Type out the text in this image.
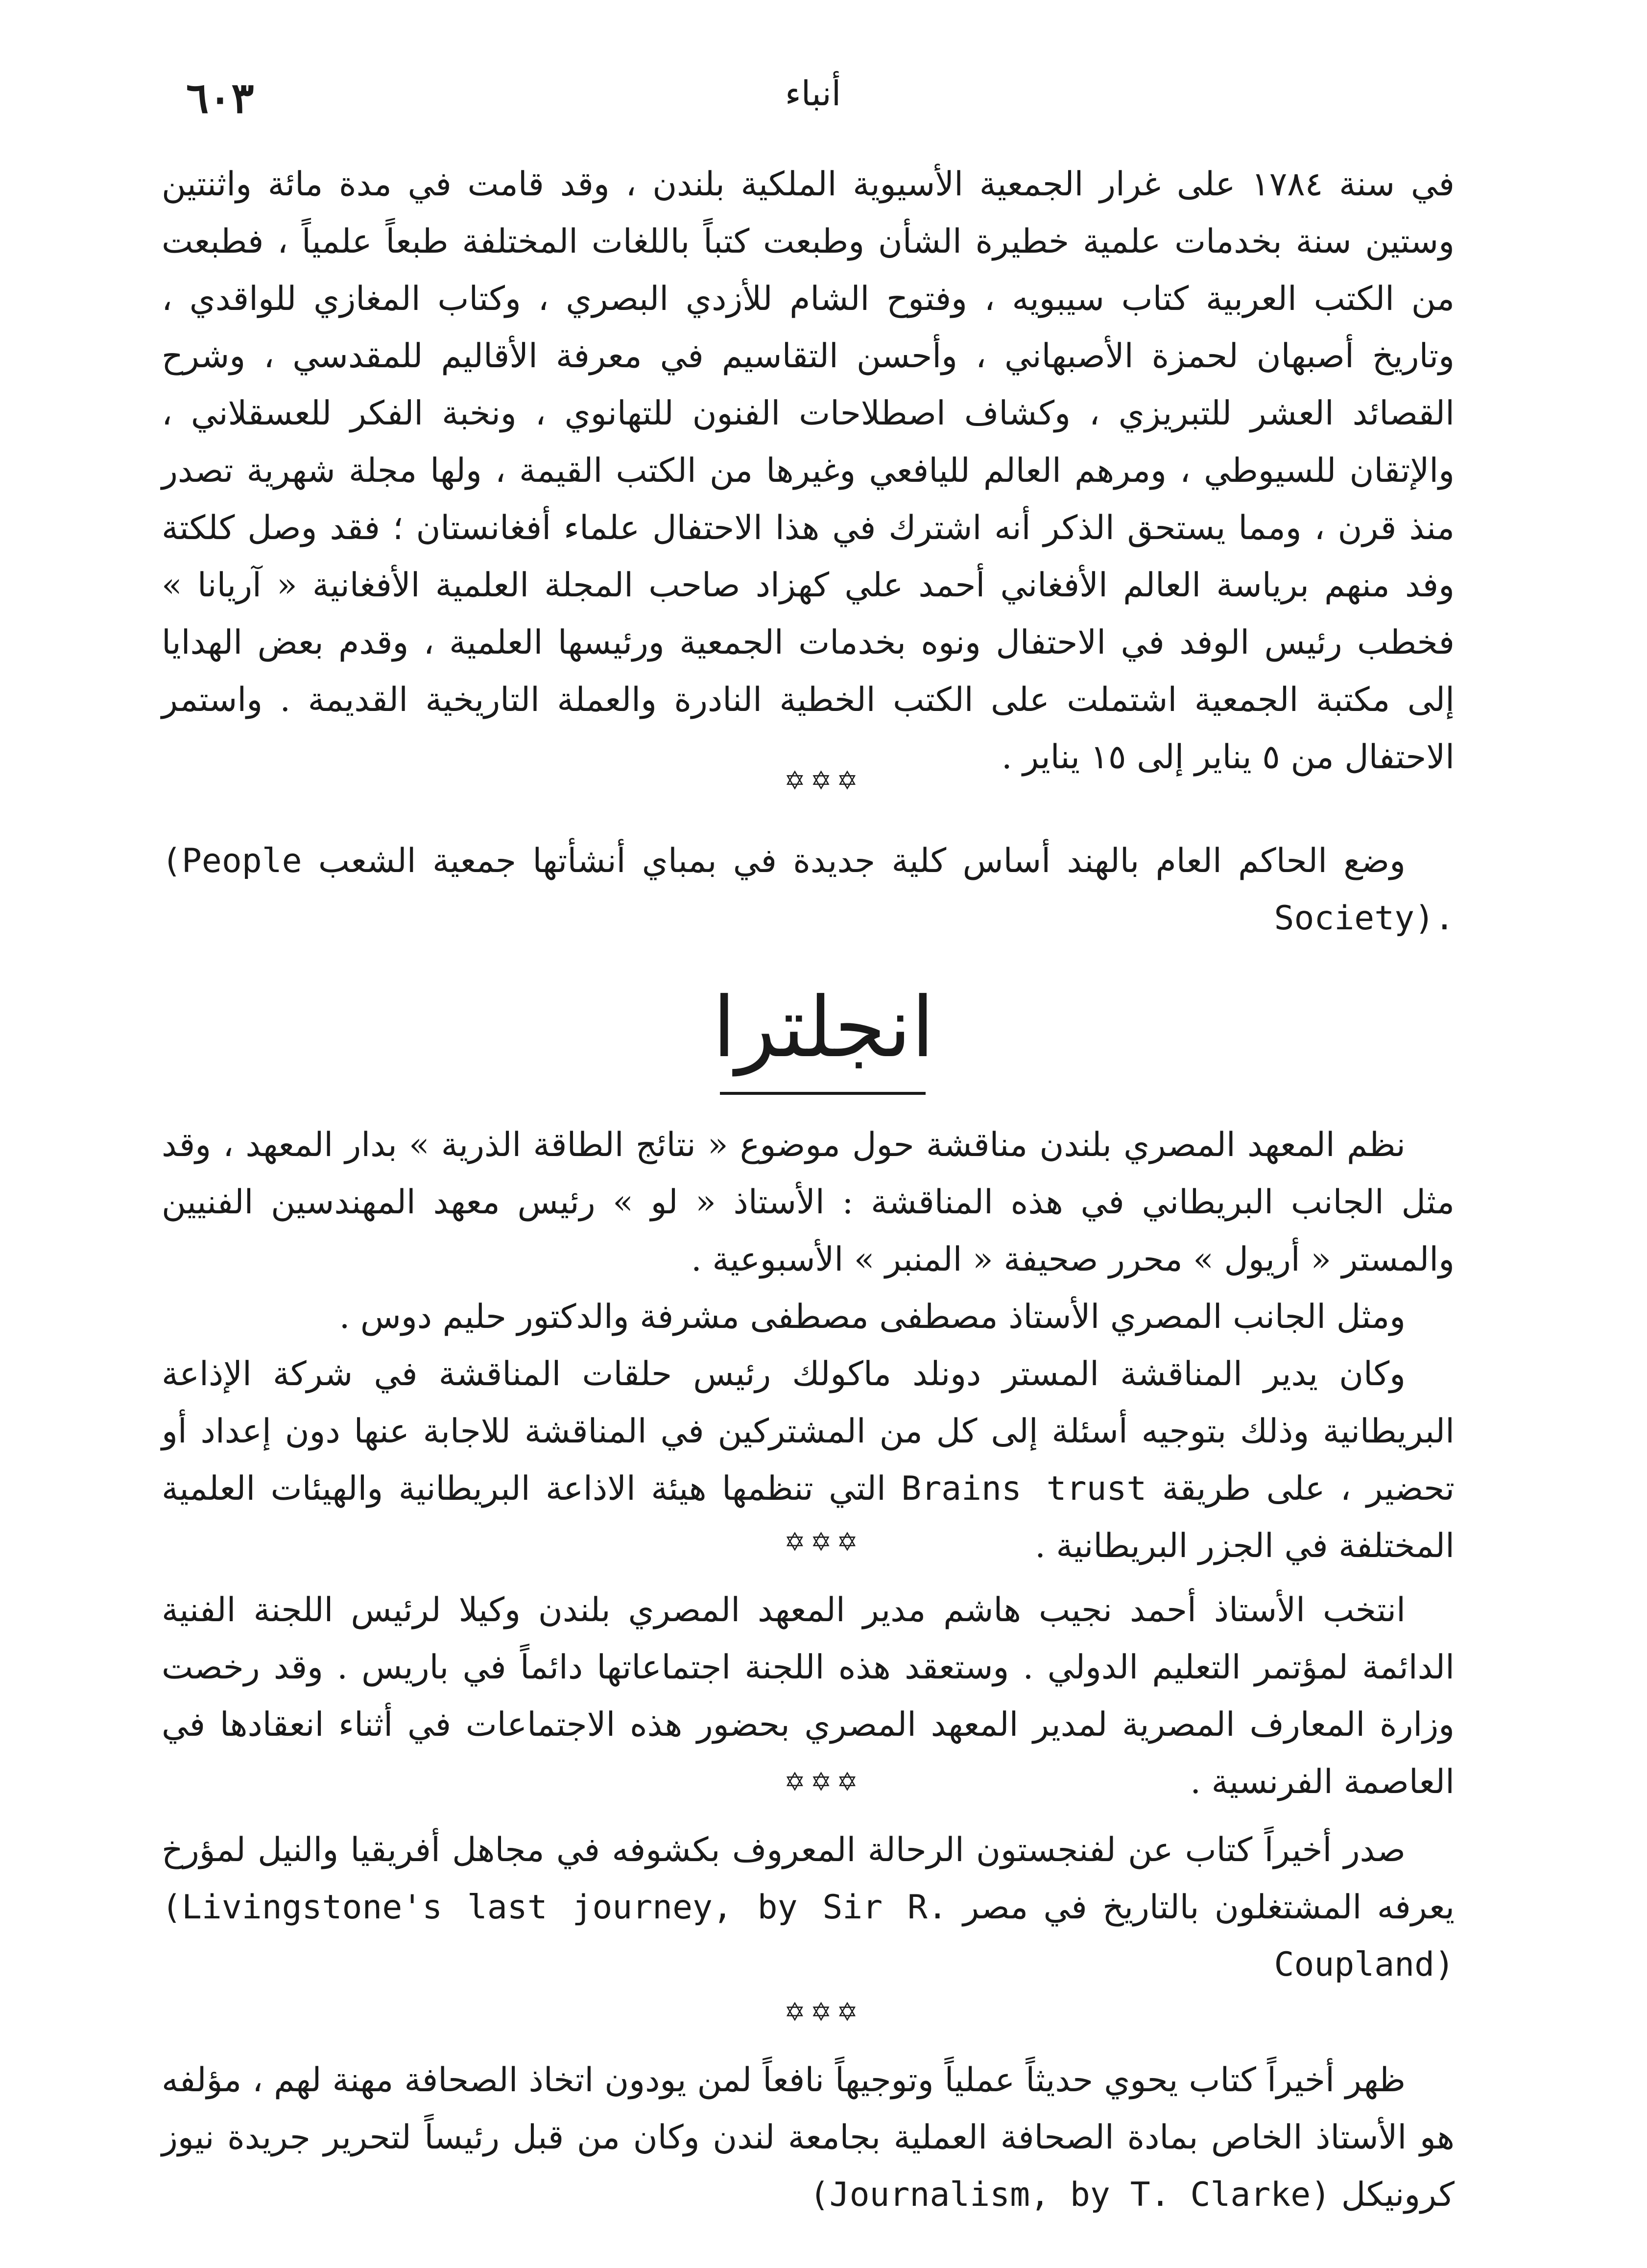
٦٠٣	أنباء

في سنة ١٧٨٤ على غرار الجمعية الأسيوية الملكية بلندن ، وقد قامت في مدة مائة واثنتين وستين سنة بخدمات علمية خطيرة الشأن وطبعت كتباً باللغات المختلفة طبعاً علمياً ، فطبعت من الكتب العربية كتاب سيبويه ، وفتوح الشام للأزدي البصري ، وكتاب المغازي للواقدي ، وتاريخ أصبهان لحمزة الأصبهاني ، وأحسن التقاسيم في معرفة الأقاليم للمقدسي ، وشرح القصائد العشر للتبريزي ، وكشاف اصطلاحات الفنون للتهانوي ، ونخبة الفكر للعسقلاني ، والإتقان للسيوطي ، ومرهم العالم لليافعي وغيرها من الكتب القيمة ، ولها مجلة شهرية تصدر منذ قرن ، ومما يستحق الذكر أنه اشترك في هذا الاحتفال علماء أفغانستان ؛ فقد وصل كلكتة وفد منهم برياسة العالم الأفغاني أحمد علي كهزاد صاحب المجلة العلمية الأفغانية « آريانا » فخطب رئيس الوفد في الاحتفال ونوه بخدمات الجمعية ورئيسها العلمية ، وقدم بعض الهدايا إلى مكتبة الجمعية اشتملت على الكتب الخطية النادرة والعملة التاريخية القديمة . واستمر الاحتفال من ٥ يناير إلى ١٥ يناير .

✡✡✡

وضع الحاكم العام بالهند أساس كلية جديدة في بمباي أنشأتها جمعية الشعب (People Society).

انجلترا

نظم المعهد المصري بلندن مناقشة حول موضوع « نتائج الطاقة الذرية » بدار المعهد ، وقد مثل الجانب البريطاني في هذه المناقشة : الأستاذ « لو » رئيس معهد المهندسين الفنيين والمستر « أريول » محرر صحيفة « المنبر » الأسبوعية .

ومثل الجانب المصري الأستاذ مصطفى مصطفى مشرفة والدكتور حليم دوس .

وكان يدير المناقشة المستر دونلد ماكولك رئيس حلقات المناقشة في شركة الإذاعة البريطانية وذلك بتوجيه أسئلة إلى كل من المشتركين في المناقشة للاجابة عنها دون إعداد أو تحضير ، على طريقة Brains trust التي تنظمها هيئة الاذاعة البريطانية والهيئات العلمية المختلفة في الجزر البريطانية .

✡✡✡

انتخب الأستاذ أحمد نجيب هاشم مدير المعهد المصري بلندن وكيلا لرئيس اللجنة الفنية الدائمة لمؤتمر التعليم الدولي . وستعقد هذه اللجنة اجتماعاتها دائماً في باريس . وقد رخصت وزارة المعارف المصرية لمدير المعهد المصري بحضور هذه الاجتماعات في أثناء انعقادها في العاصمة الفرنسية .

✡✡✡

صدر أخيراً كتاب عن لفنجستون الرحالة المعروف بكشوفه في مجاهل أفريقيا والنيل لمؤرخ يعرفه المشتغلون بالتاريخ في مصر (Livingstone's last journey, by Sir R. Coupland)

✡✡✡

ظهر أخيراً كتاب يحوي حديثاً عملياً وتوجيهاً نافعاً لمن يودون اتخاذ الصحافة مهنة لهم ، مؤلفه هو الأستاذ الخاص بمادة الصحافة العملية بجامعة لندن وكان من قبل رئيساً لتحرير جريدة نيوز كرونيكل (Journalism, by T. Clarke)
